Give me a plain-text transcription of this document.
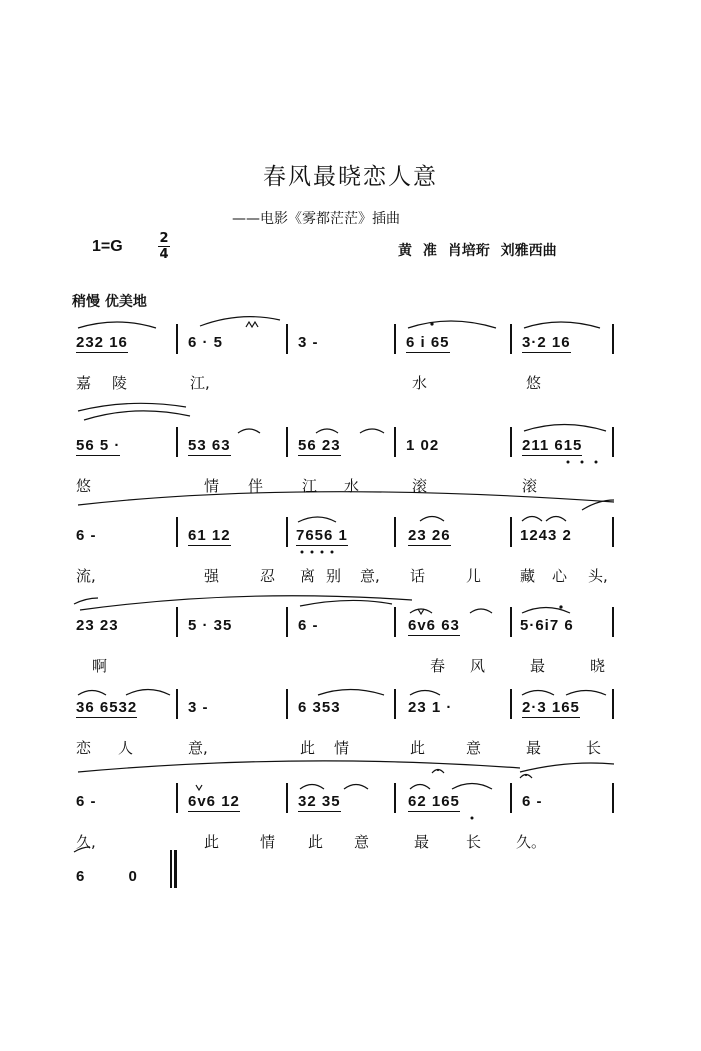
春风最晓恋人意
——电影《雾都茫茫》插曲
1=G	2
4	黄 准 肖培珩 刘雅西曲
稍慢 优美地
232 16	6 · 5	3 -	6 i 65	3·2 16
嘉 陵	江,	水	悠
56 5 ·	53 63	56 23	1 02	211 615
悠	情 伴	江 水	滚	滚
6 -	61 12	7656 1	23 26	1243 2
流,	强	忍 离 别 意, 话	儿	藏 心 头,
23 23	5 · 35	6 -	6v6 63	5·6i7 6
啊	春 风	最	晓
36 6532	3 -	6 353	23 1 ·	2·3 165
恋 人	意,	此 情	此	意	最	长
6 -	6v6 12	32 35	62 165	6 -
久,	此	情 此 意	最 长 久。
6 0
